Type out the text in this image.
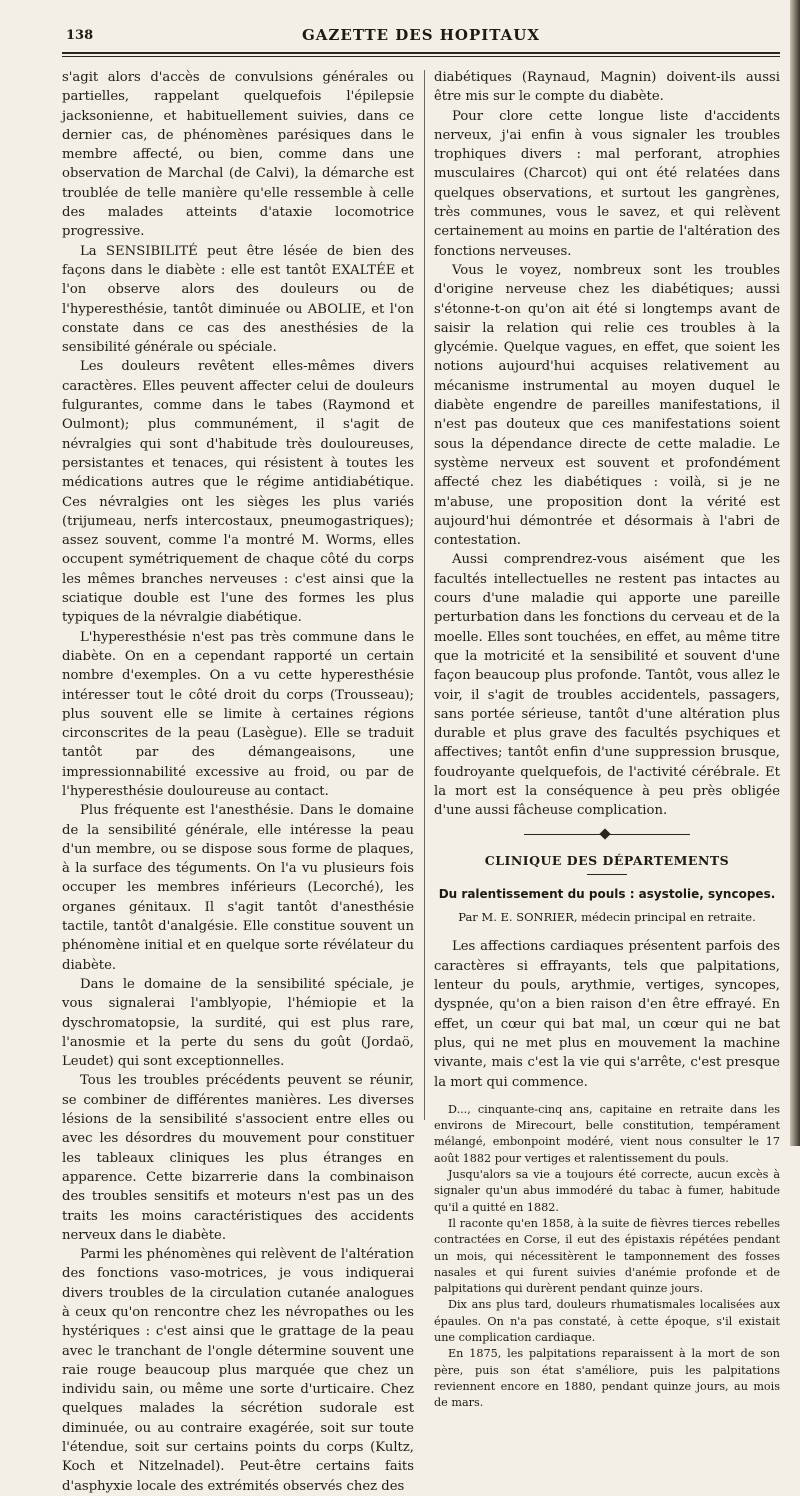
138	GAZETTE DES HOPITAUX

s'agit alors d'accès de convulsions générales ou partielles, rappelant quelquefois l'épilepsie jacksonienne, et habituellement suivies, dans ce dernier cas, de phénomènes parésiques dans le membre affecté, ou bien, comme dans une observation de Marchal (de Calvi), la démarche est troublée de telle manière qu'elle ressemble à celle des malades atteints d'ataxie locomotrice progressive.

La SENSIBILITÉ peut être lésée de bien des façons dans le diabète : elle est tantôt EXALTÉE et l'on observe alors des douleurs ou de l'hyperesthésie, tantôt diminuée ou ABOLIE, et l'on constate dans ce cas des anesthésies de la sensibilité générale ou spéciale.

Les douleurs revêtent elles-mêmes divers caractères. Elles peuvent affecter celui de douleurs fulgurantes, comme dans le tabes (Raymond et Oulmont); plus communément, il s'agit de névralgies qui sont d'habitude très douloureuses, persistantes et tenaces, qui résistent à toutes les médications autres que le régime antidiabétique. Ces névralgies ont les sièges les plus variés (trijumeau, nerfs intercostaux, pneumogastriques); assez souvent, comme l'a montré M. Worms, elles occupent symétriquement de chaque côté du corps les mêmes branches nerveuses : c'est ainsi que la sciatique double est l'une des formes les plus typiques de la névralgie diabétique.

L'hyperesthésie n'est pas très commune dans le diabète. On en a cependant rapporté un certain nombre d'exemples. On a vu cette hyperesthésie intéresser tout le côté droit du corps (Trousseau); plus souvent elle se limite à certaines régions circonscrites de la peau (Lasègue). Elle se traduit tantôt par des démangeaisons, une impressionnabilité excessive au froid, ou par de l'hyperesthésie douloureuse au contact.

Plus fréquente est l'anesthésie. Dans le domaine de la sensibilité générale, elle intéresse la peau d'un membre, ou se dispose sous forme de plaques, à la surface des téguments. On l'a vu plusieurs fois occuper les membres inférieurs (Lecorché), les organes génitaux. Il s'agit tantôt d'anesthésie tactile, tantôt d'analgésie. Elle constitue souvent un phénomène initial et en quelque sorte révélateur du diabète.

Dans le domaine de la sensibilité spéciale, je vous signalerai l'amblyopie, l'hémiopie et la dyschromatopsie, la surdité, qui est plus rare, l'anosmie et la perte du sens du goût (Jordaö, Leudet) qui sont exceptionnelles.

Tous les troubles précédents peuvent se réunir, se combiner de différentes manières. Les diverses lésions de la sensibilité s'associent entre elles ou avec les désordres du mouvement pour constituer les tableaux cliniques les plus étranges en apparence. Cette bizarrerie dans la combinaison des troubles sensitifs et moteurs n'est pas un des traits les moins caractéristiques des accidents nerveux dans le diabète.

Parmi les phénomènes qui relèvent de l'altération des fonctions vaso-motrices, je vous indiquerai divers troubles de la circulation cutanée analogues à ceux qu'on rencontre chez les névropathes ou les hystériques : c'est ainsi que le grattage de la peau avec le tranchant de l'ongle détermine souvent une raie rouge beaucoup plus marquée que chez un individu sain, ou même une sorte d'urticaire. Chez quelques malades la sécrétion sudorale est diminuée, ou au contraire exagérée, soit sur toute l'étendue, soit sur certains points du corps (Kultz, Koch et Nitzelnadel). Peut-être certains faits d'asphyxie locale des extrémités observés chez des

diabétiques (Raynaud, Magnin) doivent-ils aussi être mis sur le compte du diabète.

Pour clore cette longue liste d'accidents nerveux, j'ai enfin à vous signaler les troubles trophiques divers : mal perforant, atrophies musculaires (Charcot) qui ont été relatées dans quelques observations, et surtout les gangrènes, très communes, vous le savez, et qui relèvent certainement au moins en partie de l'altération des fonctions nerveuses.

Vous le voyez, nombreux sont les troubles d'origine nerveuse chez les diabétiques; aussi s'étonne-t-on qu'on ait été si longtemps avant de saisir la relation qui relie ces troubles à la glycémie. Quelque vagues, en effet, que soient les notions aujourd'hui acquises relativement au mécanisme instrumental au moyen duquel le diabète engendre de pareilles manifestations, il n'est pas douteux que ces manifestations soient sous la dépendance directe de cette maladie. Le système nerveux est souvent et profondément affecté chez les diabétiques : voilà, si je ne m'abuse, une proposition dont la vérité est aujourd'hui démontrée et désormais à l'abri de contestation.

Aussi comprendrez-vous aisément que les facultés intellectuelles ne restent pas intactes au cours d'une maladie qui apporte une pareille perturbation dans les fonctions du cerveau et de la moelle. Elles sont touchées, en effet, au même titre que la motricité et la sensibilité et souvent d'une façon beaucoup plus profonde. Tantôt, vous allez le voir, il s'agit de troubles accidentels, passagers, sans portée sérieuse, tantôt d'une altération plus durable et plus grave des facultés psychiques et affectives; tantôt enfin d'une suppression brusque, foudroyante quelquefois, de l'activité cérébrale. Et la mort est la conséquence à peu près obligée d'une aussi fâcheuse complication.

CLINIQUE DES DÉPARTEMENTS
Du ralentissement du pouls : asystolie, syncopes.
Par M. E. SONRIER, médecin principal en retraite.

Les affections cardiaques présentent parfois des caractères si effrayants, tels que palpitations, lenteur du pouls, arythmie, vertiges, syncopes, dyspnée, qu'on a bien raison d'en être effrayé. En effet, un cœur qui bat mal, un cœur qui ne bat plus, qui ne met plus en mouvement la machine vivante, mais c'est la vie qui s'arrête, c'est presque la mort qui commence.

D..., cinquante-cinq ans, capitaine en retraite dans les environs de Mirecourt, belle constitution, tempérament mélangé, embonpoint modéré, vient nous consulter le 17 août 1882 pour vertiges et ralentissement du pouls.

Jusqu'alors sa vie a toujours été correcte, aucun excès à signaler qu'un abus immodéré du tabac à fumer, habitude qu'il a quitté en 1882.

Il raconte qu'en 1858, à la suite de fièvres tierces rebelles contractées en Corse, il eut des épistaxis répétées pendant un mois, qui nécessitèrent le tamponnement des fosses nasales et qui furent suivies d'anémie profonde et de palpitations qui durèrent pendant quinze jours.

Dix ans plus tard, douleurs rhumatismales localisées aux épaules. On n'a pas constaté, à cette époque, s'il existait une complication cardiaque.

En 1875, les palpitations reparaissent à la mort de son père, puis son état s'améliore, puis les palpitations reviennent encore en 1880, pendant quinze jours, au mois de mars.
